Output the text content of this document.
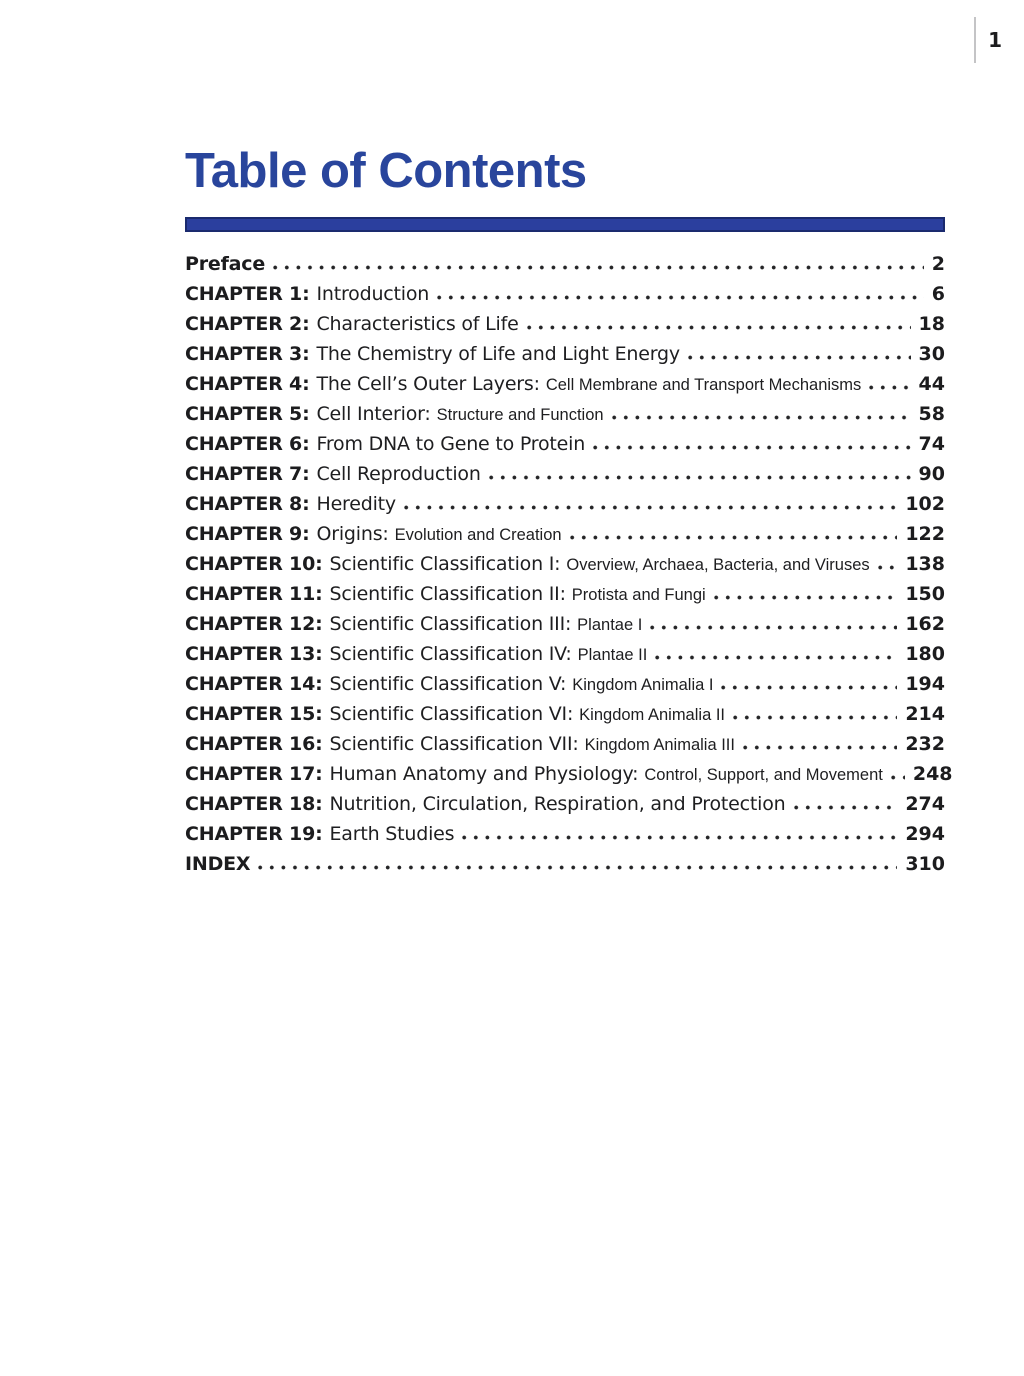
1
Table of Contents
Preface	2
CHAPTER 1: Introduction	6
CHAPTER 2: Characteristics of Life	18
CHAPTER 3: The Chemistry of Life and Light Energy	30
CHAPTER 4: The Cell’s Outer Layers: Cell Membrane and Transport Mechanisms	44
CHAPTER 5: Cell Interior: Structure and Function	58
CHAPTER 6: From DNA to Gene to Protein	74
CHAPTER 7: Cell Reproduction	90
CHAPTER 8: Heredity	102
CHAPTER 9: Origins: Evolution and Creation	122
CHAPTER 10: Scientific Classification I: Overview, Archaea, Bacteria, and Viruses 138
CHAPTER 11: Scientific Classification II: Protista and Fungi	150
CHAPTER 12: Scientific Classification III: Plantae I	162
CHAPTER 13: Scientific Classification IV: Plantae II	180
CHAPTER 14: Scientific Classification V: Kingdom Animalia I	194
CHAPTER 15: Scientific Classification VI: Kingdom Animalia II	214
CHAPTER 16: Scientific Classification VII: Kingdom Animalia III	232
CHAPTER 17: Human Anatomy and Physiology: Control, Support, and Movement 248
CHAPTER 18: Nutrition, Circulation, Respiration, and Protection	274
CHAPTER 19: Earth Studies	294
INDEX	310
